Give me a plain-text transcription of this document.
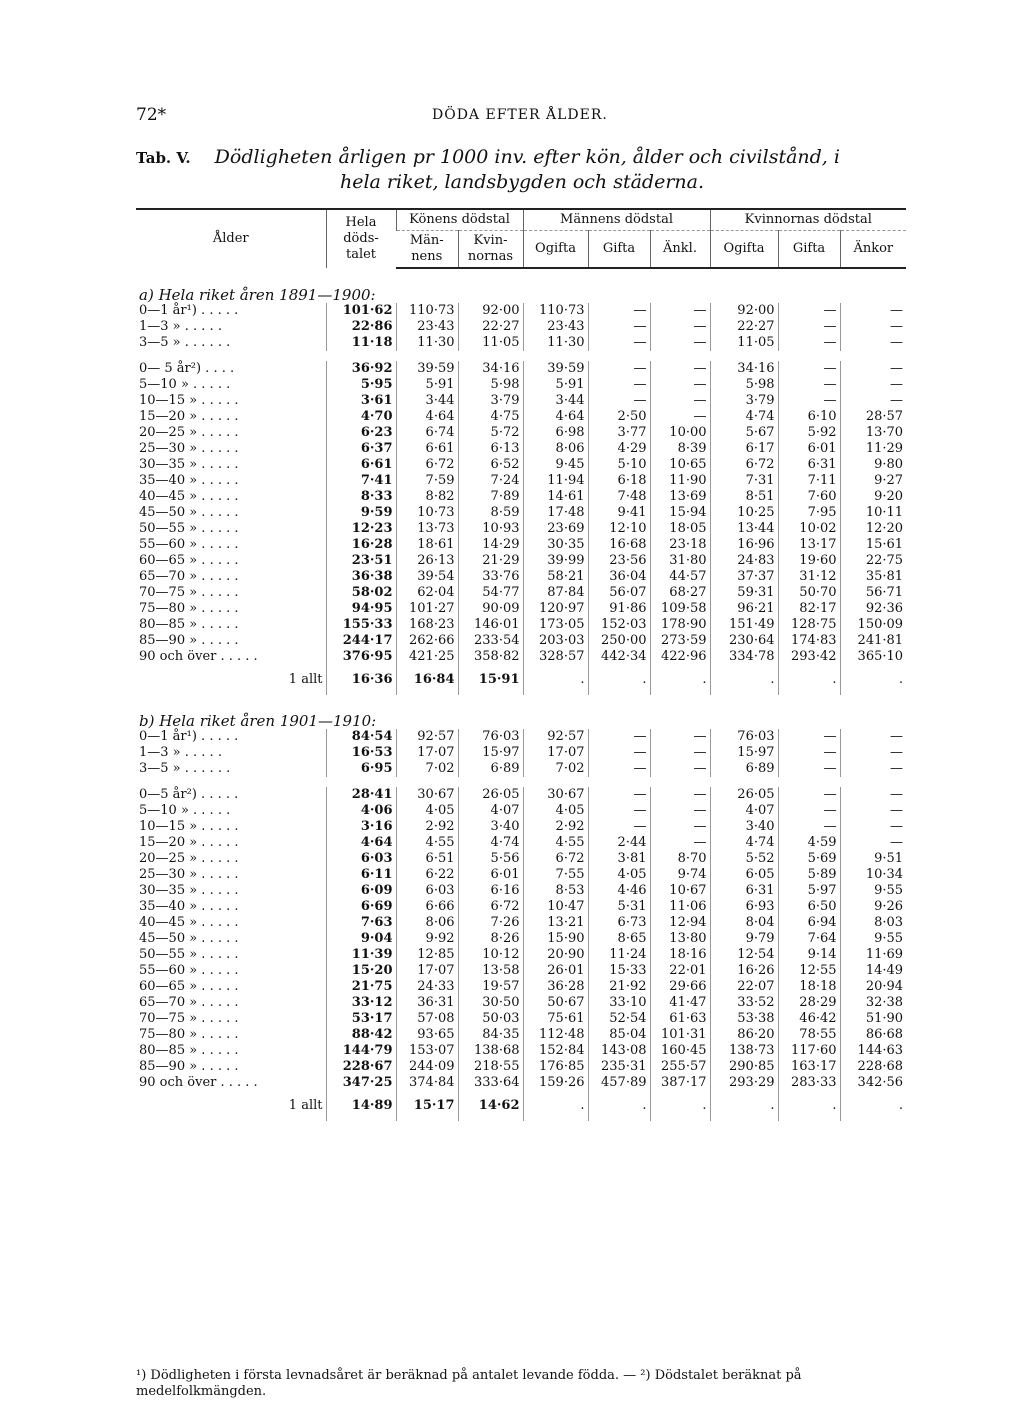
72*	DÖDA EFTER ÅLDER.
Tab. V. Dödligheten årligen pr 1000 inv. efter kön, ålder och civilstånd, i
hela riket, landsbygden och städerna.
Ålder	Hela döds- talet	Könens dödstal		Männens dödstal			Kvinnornas dödstal		
		Män- nens	Kvin- nornas	Ogifta	Gifta	Änkl.	Ogifta	Gifta	Änkor
a) Hela riket åren 1891—1900:									
0—1 år¹) . . . . .	101·62	110·73	92·00	110·73	—	—	92·00	—	—
1—3 » . . . . .	22·86	23·43	22·27	23·43	—	—	22·27	—	—
3—5 » . . . . . .	11·18	11·30	11·05	11·30	—	—	11·05	—	—

0— 5 år²) . . . .	36·92	39·59	34·16	39·59	—	—	34·16	—	—
5—10 » . . . . .	5·95	5·91	5·98	5·91	—	—	5·98	—	—
10—15 » . . . . .	3·61	3·44	3·79	3·44	—	—	3·79	—	—
15—20 » . . . . .	4·70	4·64	4·75	4·64	2·50	—	4·74	6·10	28·57
20—25 » . . . . .	6·23	6·74	5·72	6·98	3·77	10·00	5·67	5·92	13·70
25—30 » . . . . .	6·37	6·61	6·13	8·06	4·29	8·39	6·17	6·01	11·29
30—35 » . . . . .	6·61	6·72	6·52	9·45	5·10	10·65	6·72	6·31	9·80
35—40 » . . . . .	7·41	7·59	7·24	11·94	6·18	11·90	7·31	7·11	9·27
40—45 » . . . . .	8·33	8·82	7·89	14·61	7·48	13·69	8·51	7·60	9·20
45—50 » . . . . .	9·59	10·73	8·59	17·48	9·41	15·94	10·25	7·95	10·11
50—55 » . . . . .	12·23	13·73	10·93	23·69	12·10	18·05	13·44	10·02	12·20
55—60 » . . . . .	16·28	18·61	14·29	30·35	16·68	23·18	16·96	13·17	15·61
60—65 » . . . . .	23·51	26·13	21·29	39·99	23·56	31·80	24·83	19·60	22·75
65—70 » . . . . .	36·38	39·54	33·76	58·21	36·04	44·57	37·37	31·12	35·81
70—75 » . . . . .	58·02	62·04	54·77	87·84	56·07	68·27	59·31	50·70	56·71
75—80 » . . . . .	94·95	101·27	90·09	120·97	91·86	109·58	96·21	82·17	92·36
80—85 » . . . . .	155·33	168·23	146·01	173·05	152·03	178·90	151·49	128·75	150·09
85—90 » . . . . .	244·17	262·66	233·54	203·03	250·00	273·59	230·64	174·83	241·81
90 och över . . . . .	376·95	421·25	358·82	328·57	442·34	422·96	334·78	293·42	365·10
1 allt	16·36	16·84	15·91	.	.	.	.	.	.
b) Hela riket åren 1901—1910:									
0—1 år¹) . . . . .	84·54	92·57	76·03	92·57	—	—	76·03	—	—
1—3 » . . . . .	16·53	17·07	15·97	17·07	—	—	15·97	—	—
3—5 » . . . . . .	6·95	7·02	6·89	7·02	—	—	6·89	—	—

0—5 år²) . . . . .	28·41	30·67	26·05	30·67	—	—	26·05	—	—
5—10 » . . . . .	4·06	4·05	4·07	4·05	—	—	4·07	—	—
10—15 » . . . . .	3·16	2·92	3·40	2·92	—	—	3·40	—	—
15—20 » . . . . .	4·64	4·55	4·74	4·55	2·44	—	4·74	4·59	—
20—25 » . . . . .	6·03	6·51	5·56	6·72	3·81	8·70	5·52	5·69	9·51
25—30 » . . . . .	6·11	6·22	6·01	7·55	4·05	9·74	6·05	5·89	10·34
30—35 » . . . . .	6·09	6·03	6·16	8·53	4·46	10·67	6·31	5·97	9·55
35—40 » . . . . .	6·69	6·66	6·72	10·47	5·31	11·06	6·93	6·50	9·26
40—45 » . . . . .	7·63	8·06	7·26	13·21	6·73	12·94	8·04	6·94	8·03
45—50 » . . . . .	9·04	9·92	8·26	15·90	8·65	13·80	9·79	7·64	9·55
50—55 » . . . . .	11·39	12·85	10·12	20·90	11·24	18·16	12·54	9·14	11·69
55—60 » . . . . .	15·20	17·07	13·58	26·01	15·33	22·01	16·26	12·55	14·49
60—65 » . . . . .	21·75	24·33	19·57	36·28	21·92	29·66	22·07	18·18	20·94
65—70 » . . . . .	33·12	36·31	30·50	50·67	33·10	41·47	33·52	28·29	32·38
70—75 » . . . . .	53·17	57·08	50·03	75·61	52·54	61·63	53·38	46·42	51·90
75—80 » . . . . .	88·42	93·65	84·35	112·48	85·04	101·31	86·20	78·55	86·68
80—85 » . . . . .	144·79	153·07	138·68	152·84	143·08	160·45	138·73	117·60	144·63
85—90 » . . . . .	228·67	244·09	218·55	176·85	235·31	255·57	290·85	163·17	228·68
90 och över . . . . .	347·25	374·84	333·64	159·26	457·89	387·17	293·29	283·33	342·56
1 allt	14·89	15·17	14·62	.	.	.	.	.	.
¹) Dödligheten i första levnadsåret är beräknad på antalet levande födda. — ²) Dödstalet beräknat på medelfolkmängden.
